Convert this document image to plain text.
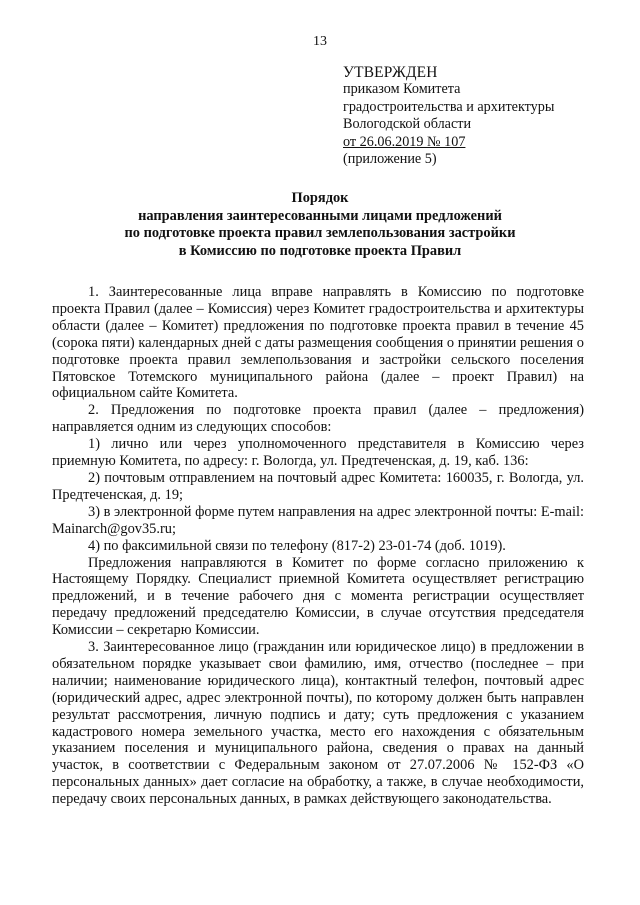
13
УТВЕРЖДЕН
приказом Комитета
градостроительства и архитектуры
Вологодской области
от 26.06.2019 № 107
(приложение 5)
Порядок
направления заинтересованными лицами предложений
по подготовке проекта правил землепользования застройки
в Комиссию по подготовке проекта Правил

1. Заинтересованные лица вправе направлять в Комиссию по подготовке проекта Правил (далее – Комиссия) через Комитет градостроительства и архитектуры области (далее – Комитет) предложения по подготовке проекта правил в течение 45 (сорока пяти) календарных дней с даты размещения сообщения о принятии решения о подготовке проекта правил землепользования и застройки сельского поселения Пятовское Тотемского муниципального района (далее – проект Правил) на официальном сайте Комитета.

2. Предложения по подготовке проекта правил (далее – предложения) направляется одним из следующих способов:

1) лично или через уполномоченного представителя в Комиссию через приемную Комитета, по адресу: г. Вологда, ул. Предтеченская, д. 19, каб. 136:

2) почтовым отправлением на почтовый адрес Комитета: 160035, г. Вологда, ул. Предтеченская, д. 19;

3) в электронной форме путем направления на адрес электронной почты: E-mail: Mainarch@gov35.ru;

4) по факсимильной связи по телефону (817-2) 23-01-74 (доб. 1019).

Предложения направляются в Комитет по форме согласно приложению к Настоящему Порядку. Специалист приемной Комитета осуществляет регистрацию предложений, и в течение рабочего дня с момента регистрации осуществляет передачу предложений председателю Комиссии, в случае отсутствия председателя Комиссии – секретарю Комиссии.

3. Заинтересованное лицо (гражданин или юридическое лицо) в предложении в обязательном порядке указывает свои фамилию, имя, отчество (последнее – при наличии; наименование юридического лица), контактный телефон, почтовый адрес (юридический адрес, адрес электронной почты), по которому должен быть направлен результат рассмотрения, личную подпись и дату; суть предложения с указанием кадастрового номера земельного участка, место его нахождения с обязательным указанием поселения и муниципального района, сведения о правах на данный участок, в соответствии с Федеральным законом от 27.07.2006 № 152-ФЗ «О персональных данных» дает согласие на обработку, а также, в случае необходимости, передачу своих персональных данных, в рамках действующего законодательства.
